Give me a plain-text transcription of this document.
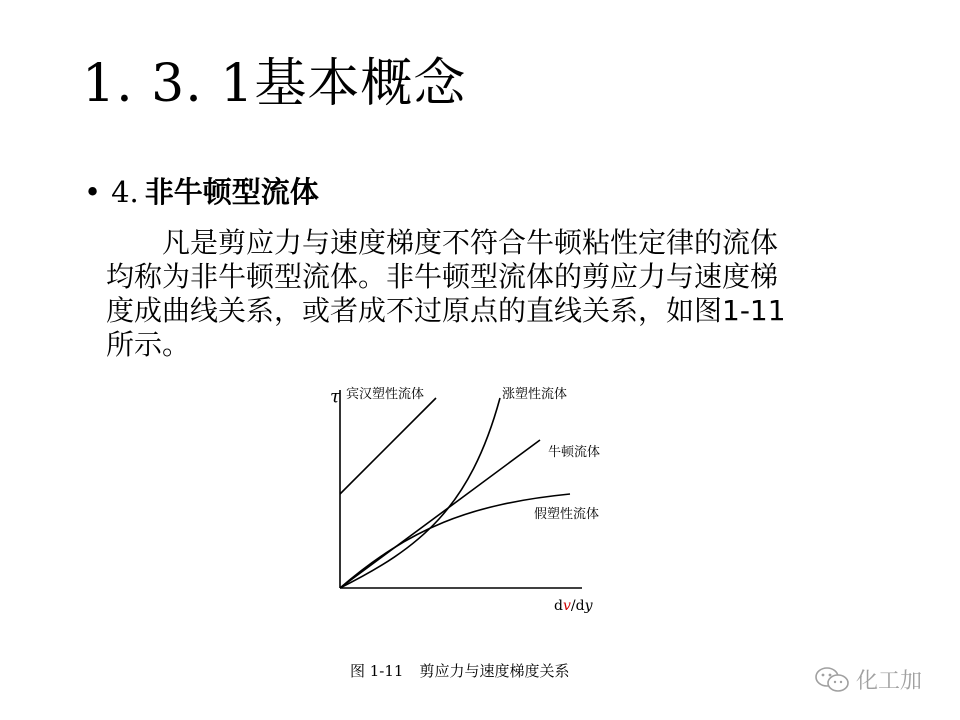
1. 3. 1基本概念
• 4. 非牛顿型流体
　　凡是剪应力与速度梯度不符合牛顿粘性定律的流体
均称为非牛顿型流体。非牛顿型流体的剪应力与速度梯
度成曲线关系，或者成不过原点的直线关系，如图1-11
所示。
τ
dv/dy
宾汉塑性流体	涨塑性流体
牛顿流体
假塑性流体
图 1-11 剪应力与速度梯度关系	化工加
